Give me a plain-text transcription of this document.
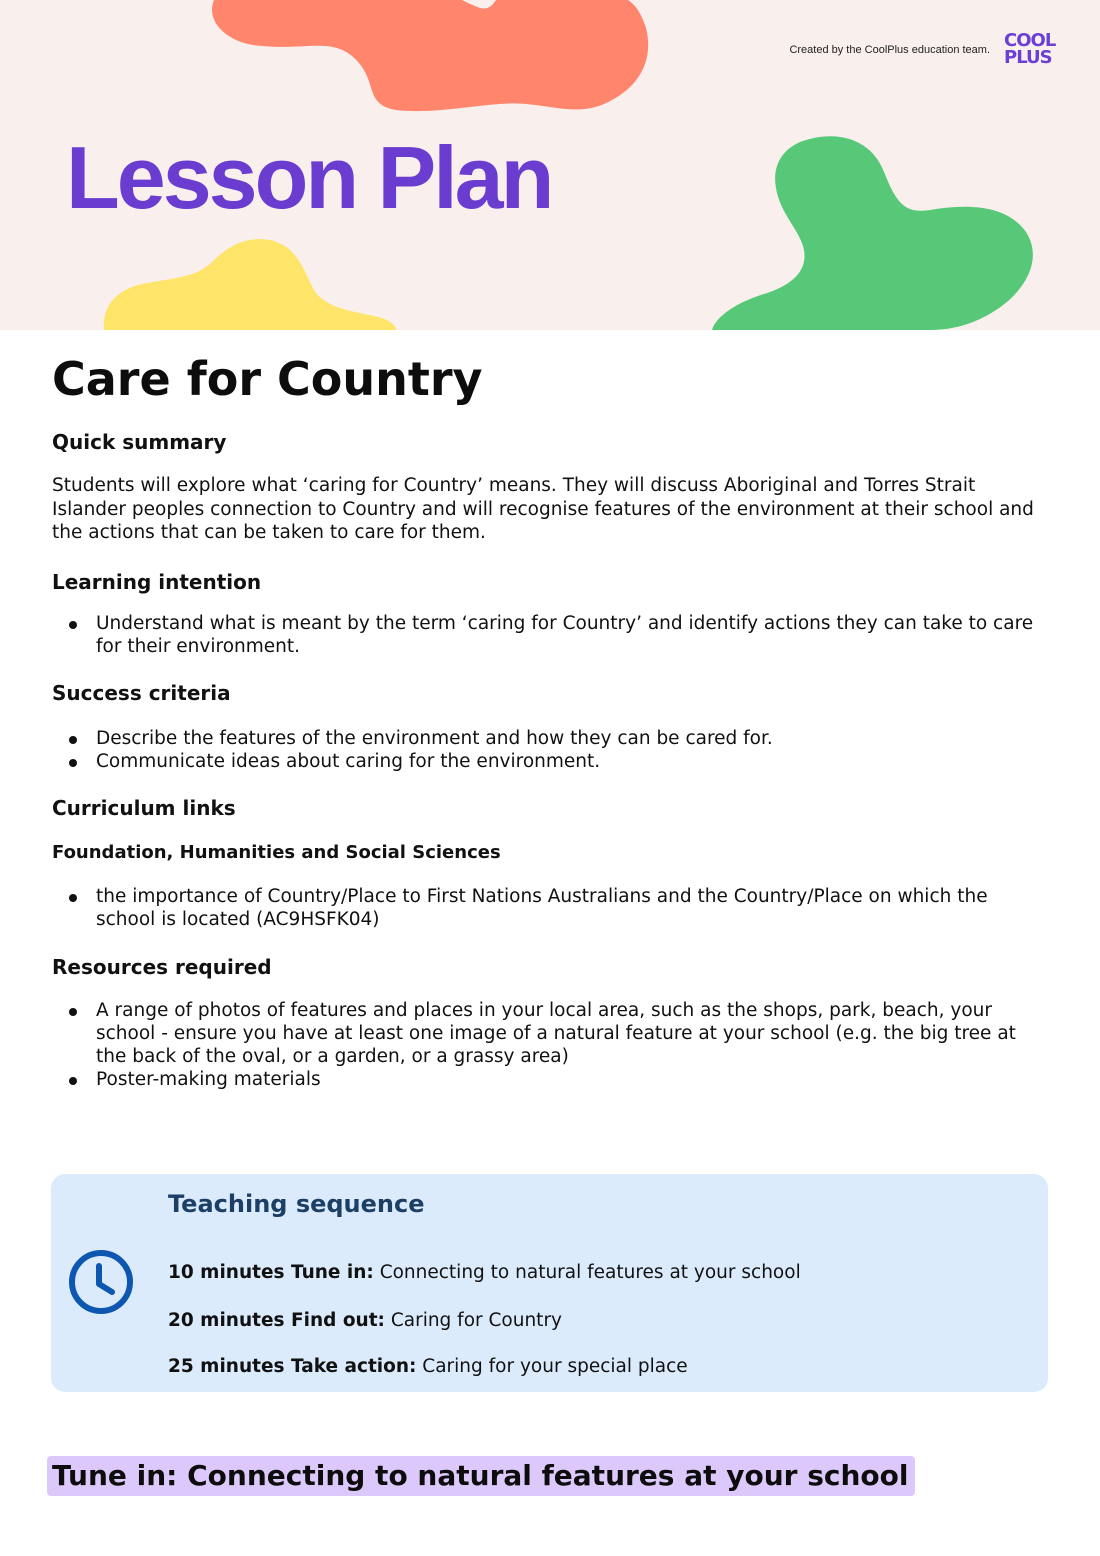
Created by the CoolPlus education team. COOL
PLUS
Lesson Plan
Care for Country
Quick summary

Students will explore what ‘caring for Country’ means. They will discuss Aboriginal and Torres Strait Islander peoples connection to Country and will recognise features of the environment at their school and the actions that can be taken to care for them.

Learning intention
Understand what is meant by the term ‘caring for Country’ and identify actions they can take to care for their environment.
Success criteria
Describe the features of the environment and how they can be cared for.
Communicate ideas about caring for the environment.
Curriculum links
Foundation, Humanities and Social Sciences
the importance of Country/Place to First Nations Australians and the Country/Place on which the school is located (AC9HSFK04)
Resources required
A range of photos of features and places in your local area, such as the shops, park, beach, your school - ensure you have at least one image of a natural feature at your school (e.g. the big tree at the back of the oval, or a garden, or a grassy area)
Poster-making materials
Teaching sequence
10 minutes Tune in: Connecting to natural features at your school
20 minutes Find out: Caring for Country
25 minutes Take action: Caring for your special place
Tune in: Connecting to natural features at your school
